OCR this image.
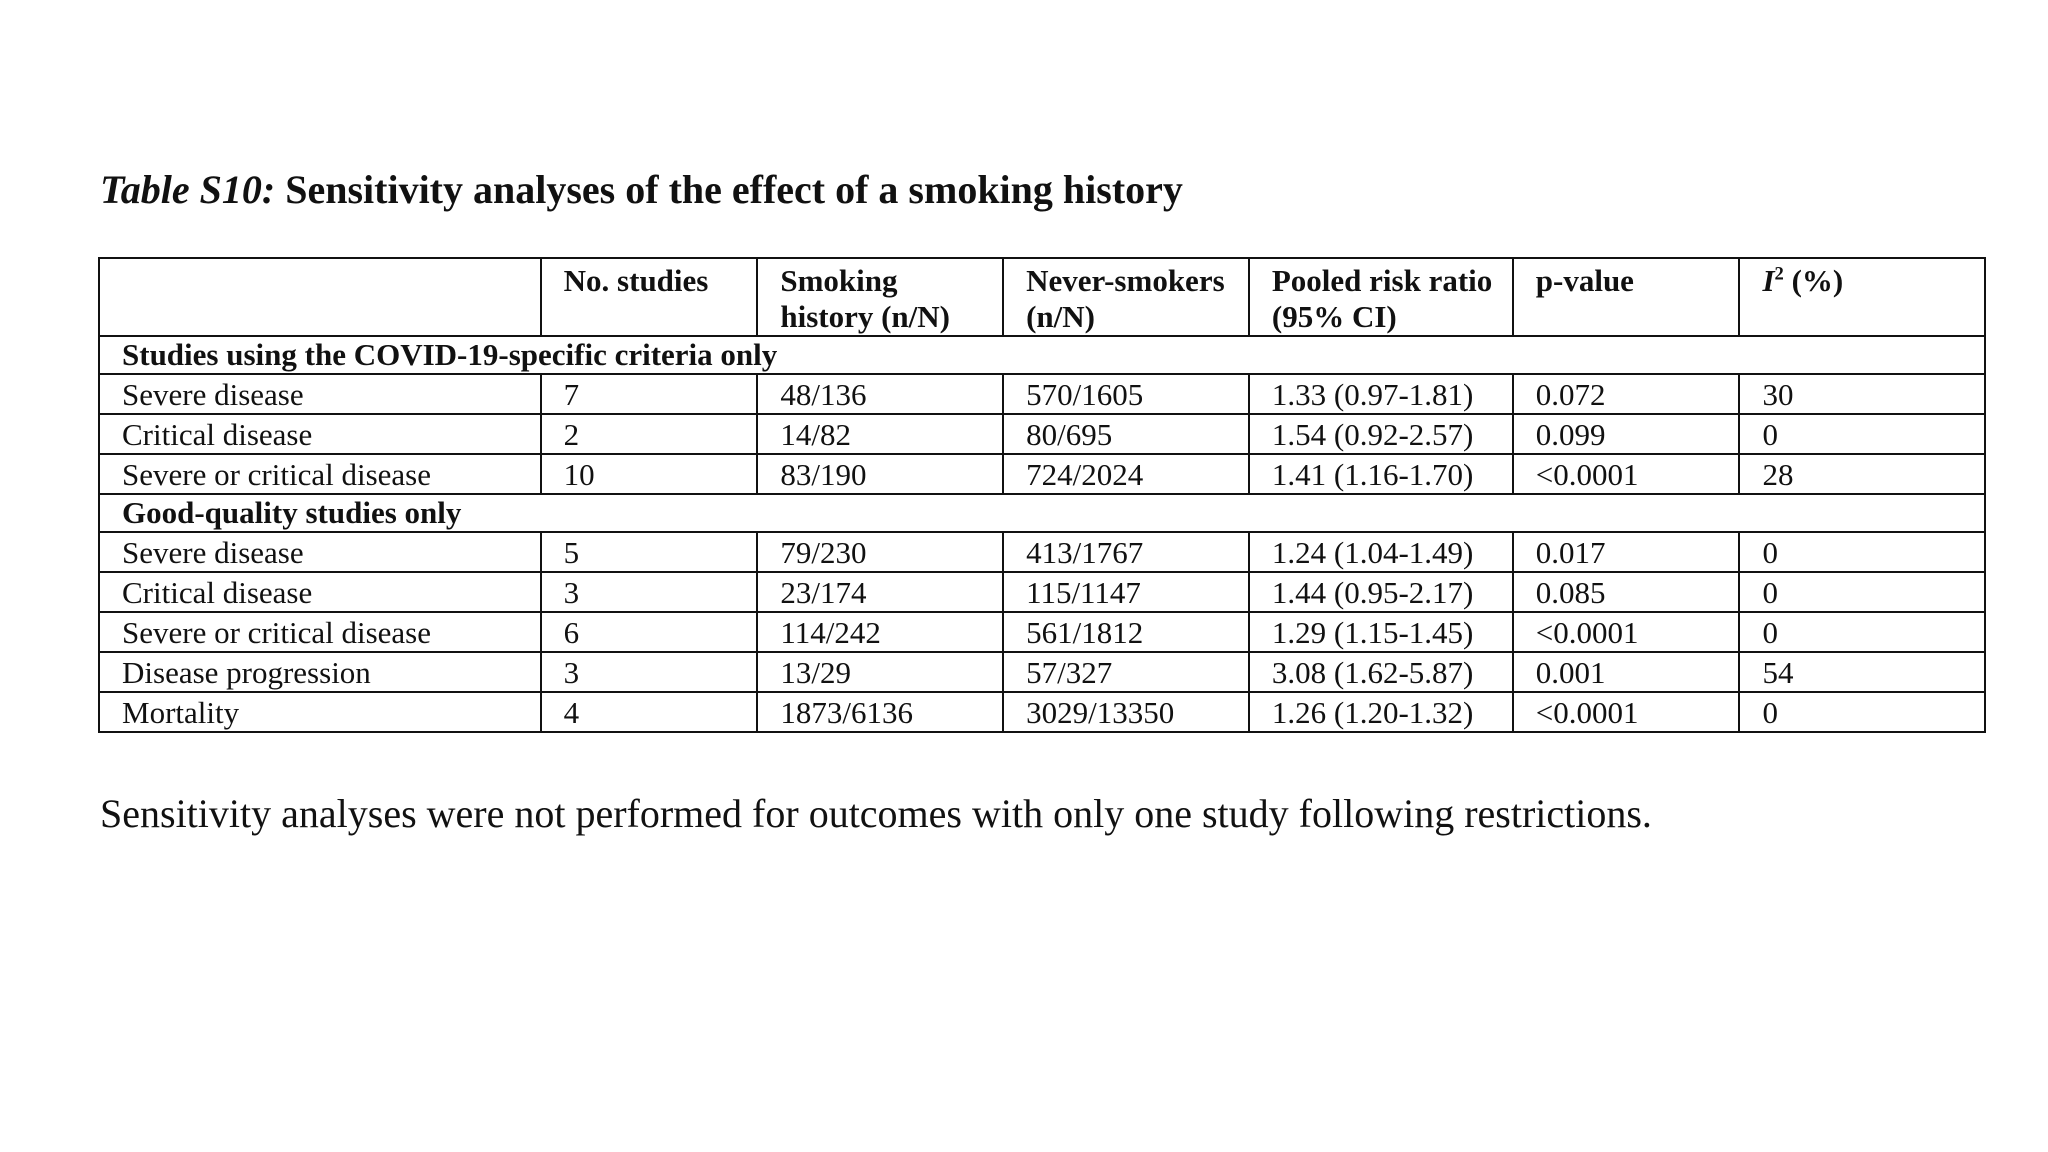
Table S10: Sensitivity analyses of the effect of a smoking history
	No. studies	Smoking history (n/N)	Never-smokers (n/N)	Pooled risk ratio (95% CI)	p-value	$I^2$ (%)
Studies using the COVID-19-specific criteria only						
Severe disease	7	48/136	570/1605	1.33 (0.97-1.81)	0.072	30
Critical disease	2	14/82	80/695	1.54 (0.92-2.57)	0.099	0
Severe or critical disease	10	83/190	724/2024	1.41 (1.16-1.70)	<0.0001	28
Good-quality studies only						
Severe disease	5	79/230	413/1767	1.24 (1.04-1.49)	0.017	0
Critical disease	3	23/174	115/1147	1.44 (0.95-2.17)	0.085	0
Severe or critical disease	6	114/242	561/1812	1.29 (1.15-1.45)	<0.0001	0
Disease progression	3	13/29	57/327	3.08 (1.62-5.87)	0.001	54
Mortality	4	1873/6136	3029/13350	1.26 (1.20-1.32)	<0.0001	0
Sensitivity analyses were not performed for outcomes with only one study following restrictions.
